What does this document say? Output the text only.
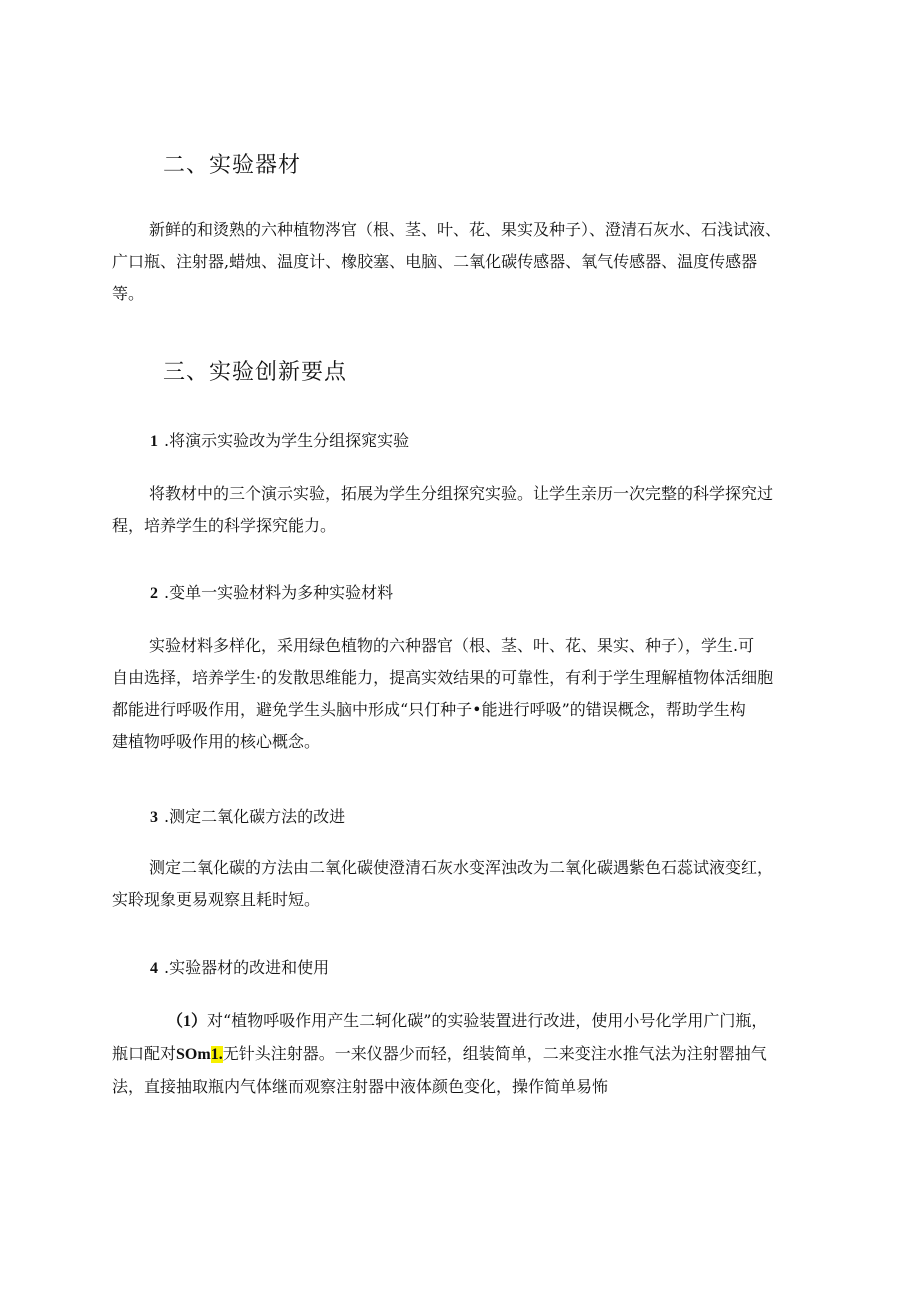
二、实验器材

新鲜的和烫熟的六种植物涔官（根、茎、叶、花、果实及种子）、澄清石灰水、石浅试液、
广口瓶、注射器,蜡烛、温度计、橡胶塞、电脑、二氧化碳传感器、氧气传感器、温度传感器
等。

三、实验创新要点

1 .将演示实验改为学生分组探窕实验

将教材中的三个演示实验，拓展为学生分组探究实验。让学生亲历一次完整的科学探究过
程，培养学生的科学探究能力。

2 .变单一实验材料为多种实验材料

实验材料多样化，采用绿色植物的六种器官（根、茎、叶、花、果实、种子），学生.可
自由选择，培养学生·的发散思维能力，提高实效结果的可靠性，有利于学生理解植物体活细胞
都能进行呼吸作用，避免学生头脑中形成“只仃种子•能进行呼吸”的错误概念，帮助学生构
建植物呼吸作用的核心概念。

3 .测定二氧化碳方法的改进

测定二氧化碳的方法由二氧化碳使澄清石灰水变浑浊改为二氧化碳遇紫色石蕊试液变红，
实聆现象更易观察且耗时短。

4 .实验器材的改进和使用

（1）对“植物呼吸作用产生二轲化碳”的实验装置进行改进，使用小号化学用广门瓶，
瓶口配对SOm1.无针头注射器。一来仪器少而轻，组装简单，二来变注水推气法为注射罂抽气
法，直接抽取瓶内气体继而观察注射器中液体颜色变化，操作简单易怖
